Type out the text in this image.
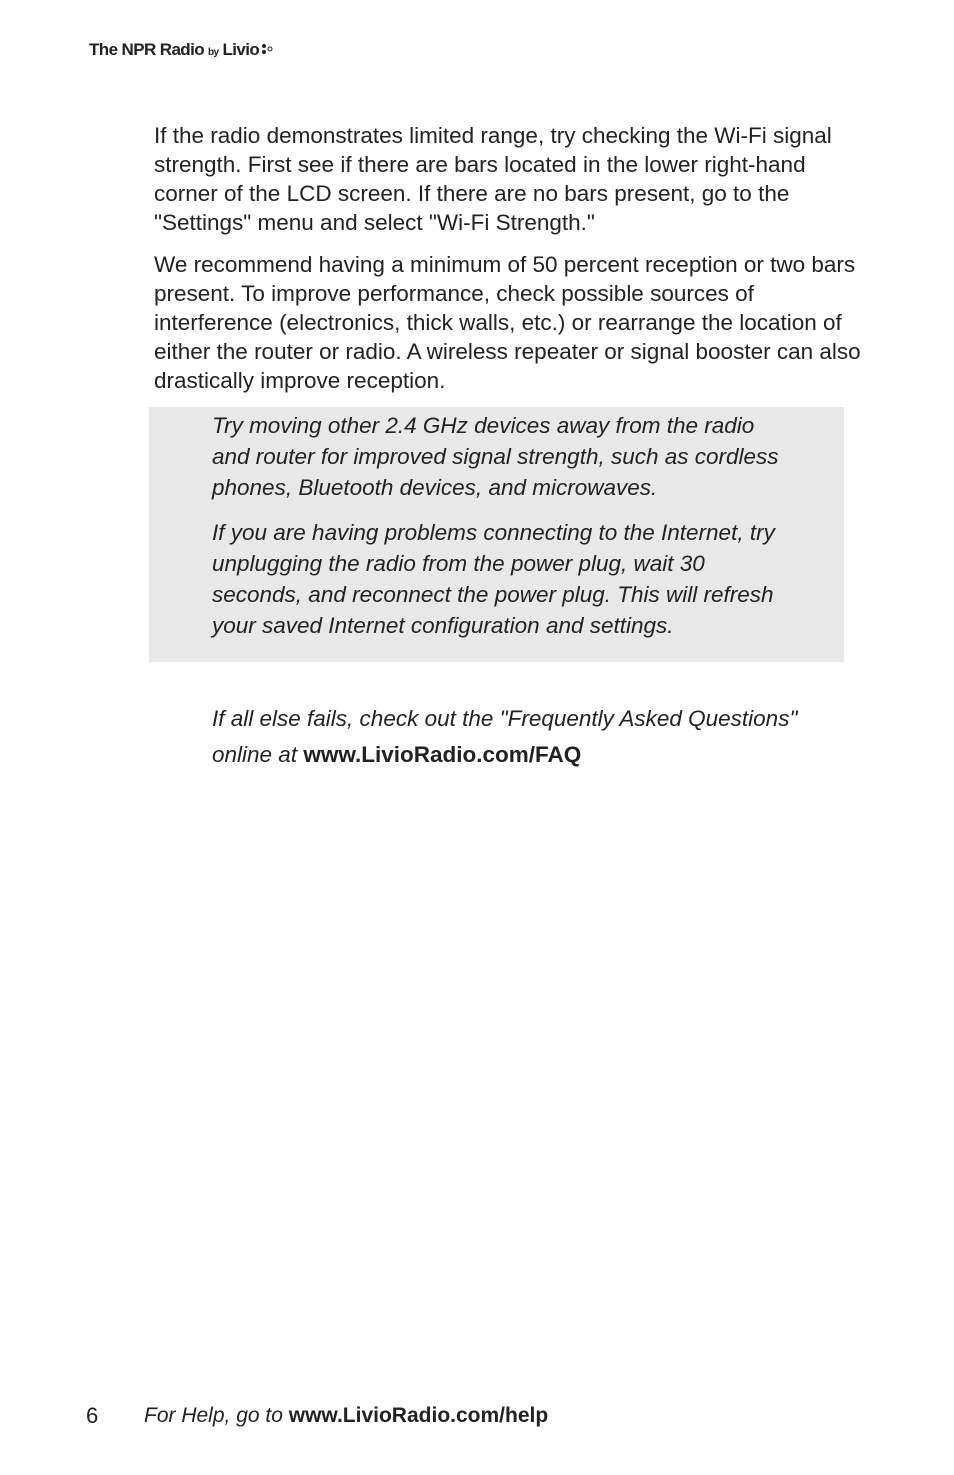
The NPR Radio by Livio

If the radio demonstrates limited range, try checking the Wi-Fi signal strength. First see if there are bars located in the lower right-hand corner of the LCD screen. If there are no bars present, go to the "Settings" menu and select "Wi-Fi Strength."

We recommend having a minimum of 50 percent reception or two bars present. To improve performance, check possible sources of interference (electronics, thick walls, etc.) or rearrange the location of either the router or radio. A wireless repeater or signal booster can also drastically improve reception.

Try moving other 2.4 GHz devices away from the radio and router for improved signal strength, such as cordless phones, Bluetooth devices, and microwaves.

If you are having problems connecting to the Internet, try unplugging the radio from the power plug, wait 30 seconds, and reconnect the power plug. This will refresh your saved Internet configuration and settings.

If all else fails, check out the "Frequently Asked Questions" online at www.LivioRadio.com/FAQ

6 For Help, go to www.LivioRadio.com/help
